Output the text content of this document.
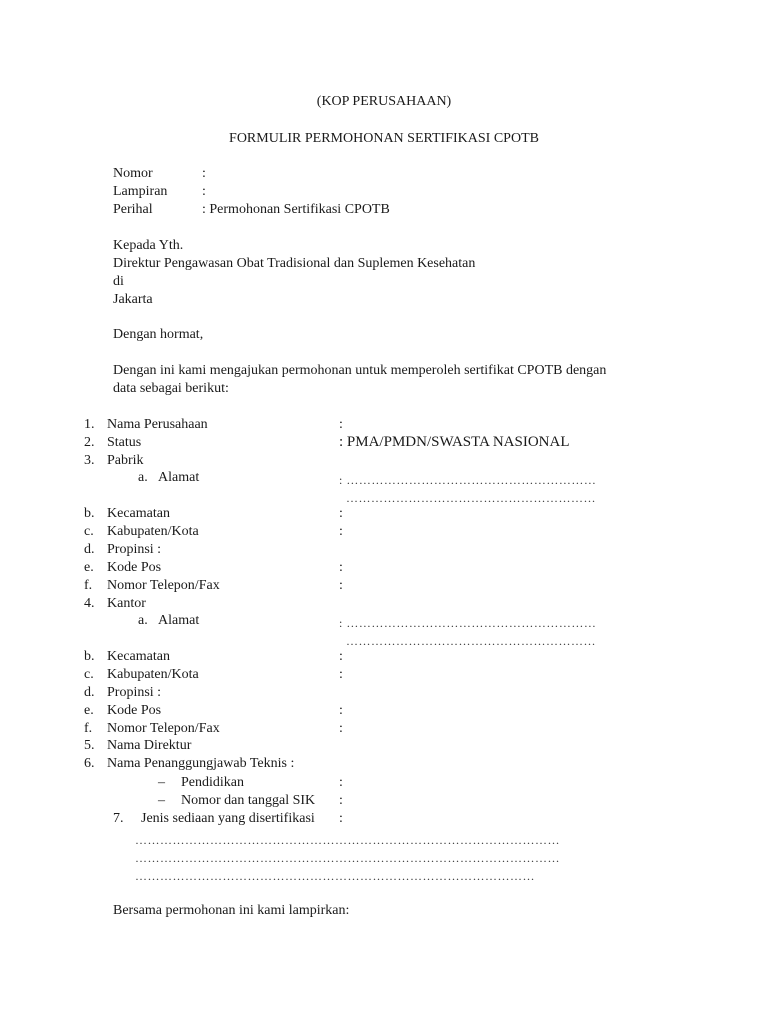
(KOP PERUSAHAAN)
FORMULIR PERMOHONAN SERTIFIKASI CPOTB
Nomor	:
Lampiran :
Perihal	: Permohonan Sertifikasi CPOTB
Kepada Yth.
Direktur Pengawasan Obat Tradisional dan Suplemen Kesehatan
di
Jakarta
Dengan hormat,
Dengan ini kami mengajukan permohonan untuk memperoleh sertifikat CPOTB dengan
data sebagai berikut:
1. Nama Perusahaan	:
2. Status	: PMA/PMDN/SWASTA NASIONAL
3. Pabrik
a. Alamat	: ……………………………………………………
……………………………………………………
b. Kecamatan	:
c. Kabupaten/Kota	:
d. Propinsi :
e. Kode Pos	:
f. Nomor Telepon/Fax	:
4. Kantor
a. Alamat	: ……………………………………………………
……………………………………………………
b. Kecamatan	:
c. Kabupaten/Kota	:
d. Propinsi :
e. Kode Pos	:
f. Nomor Telepon/Fax	:
5. Nama Direktur
6. Nama Penanggungjawab Teknis :
– Pendidikan	:
– Nomor dan tanggal SIK :
7. Jenis sediaan yang disertifikasi :
…………………………………………………………………………………………
…………………………………………………………………………………………
……………………………………………………………………………………
Bersama permohonan ini kami lampirkan:
